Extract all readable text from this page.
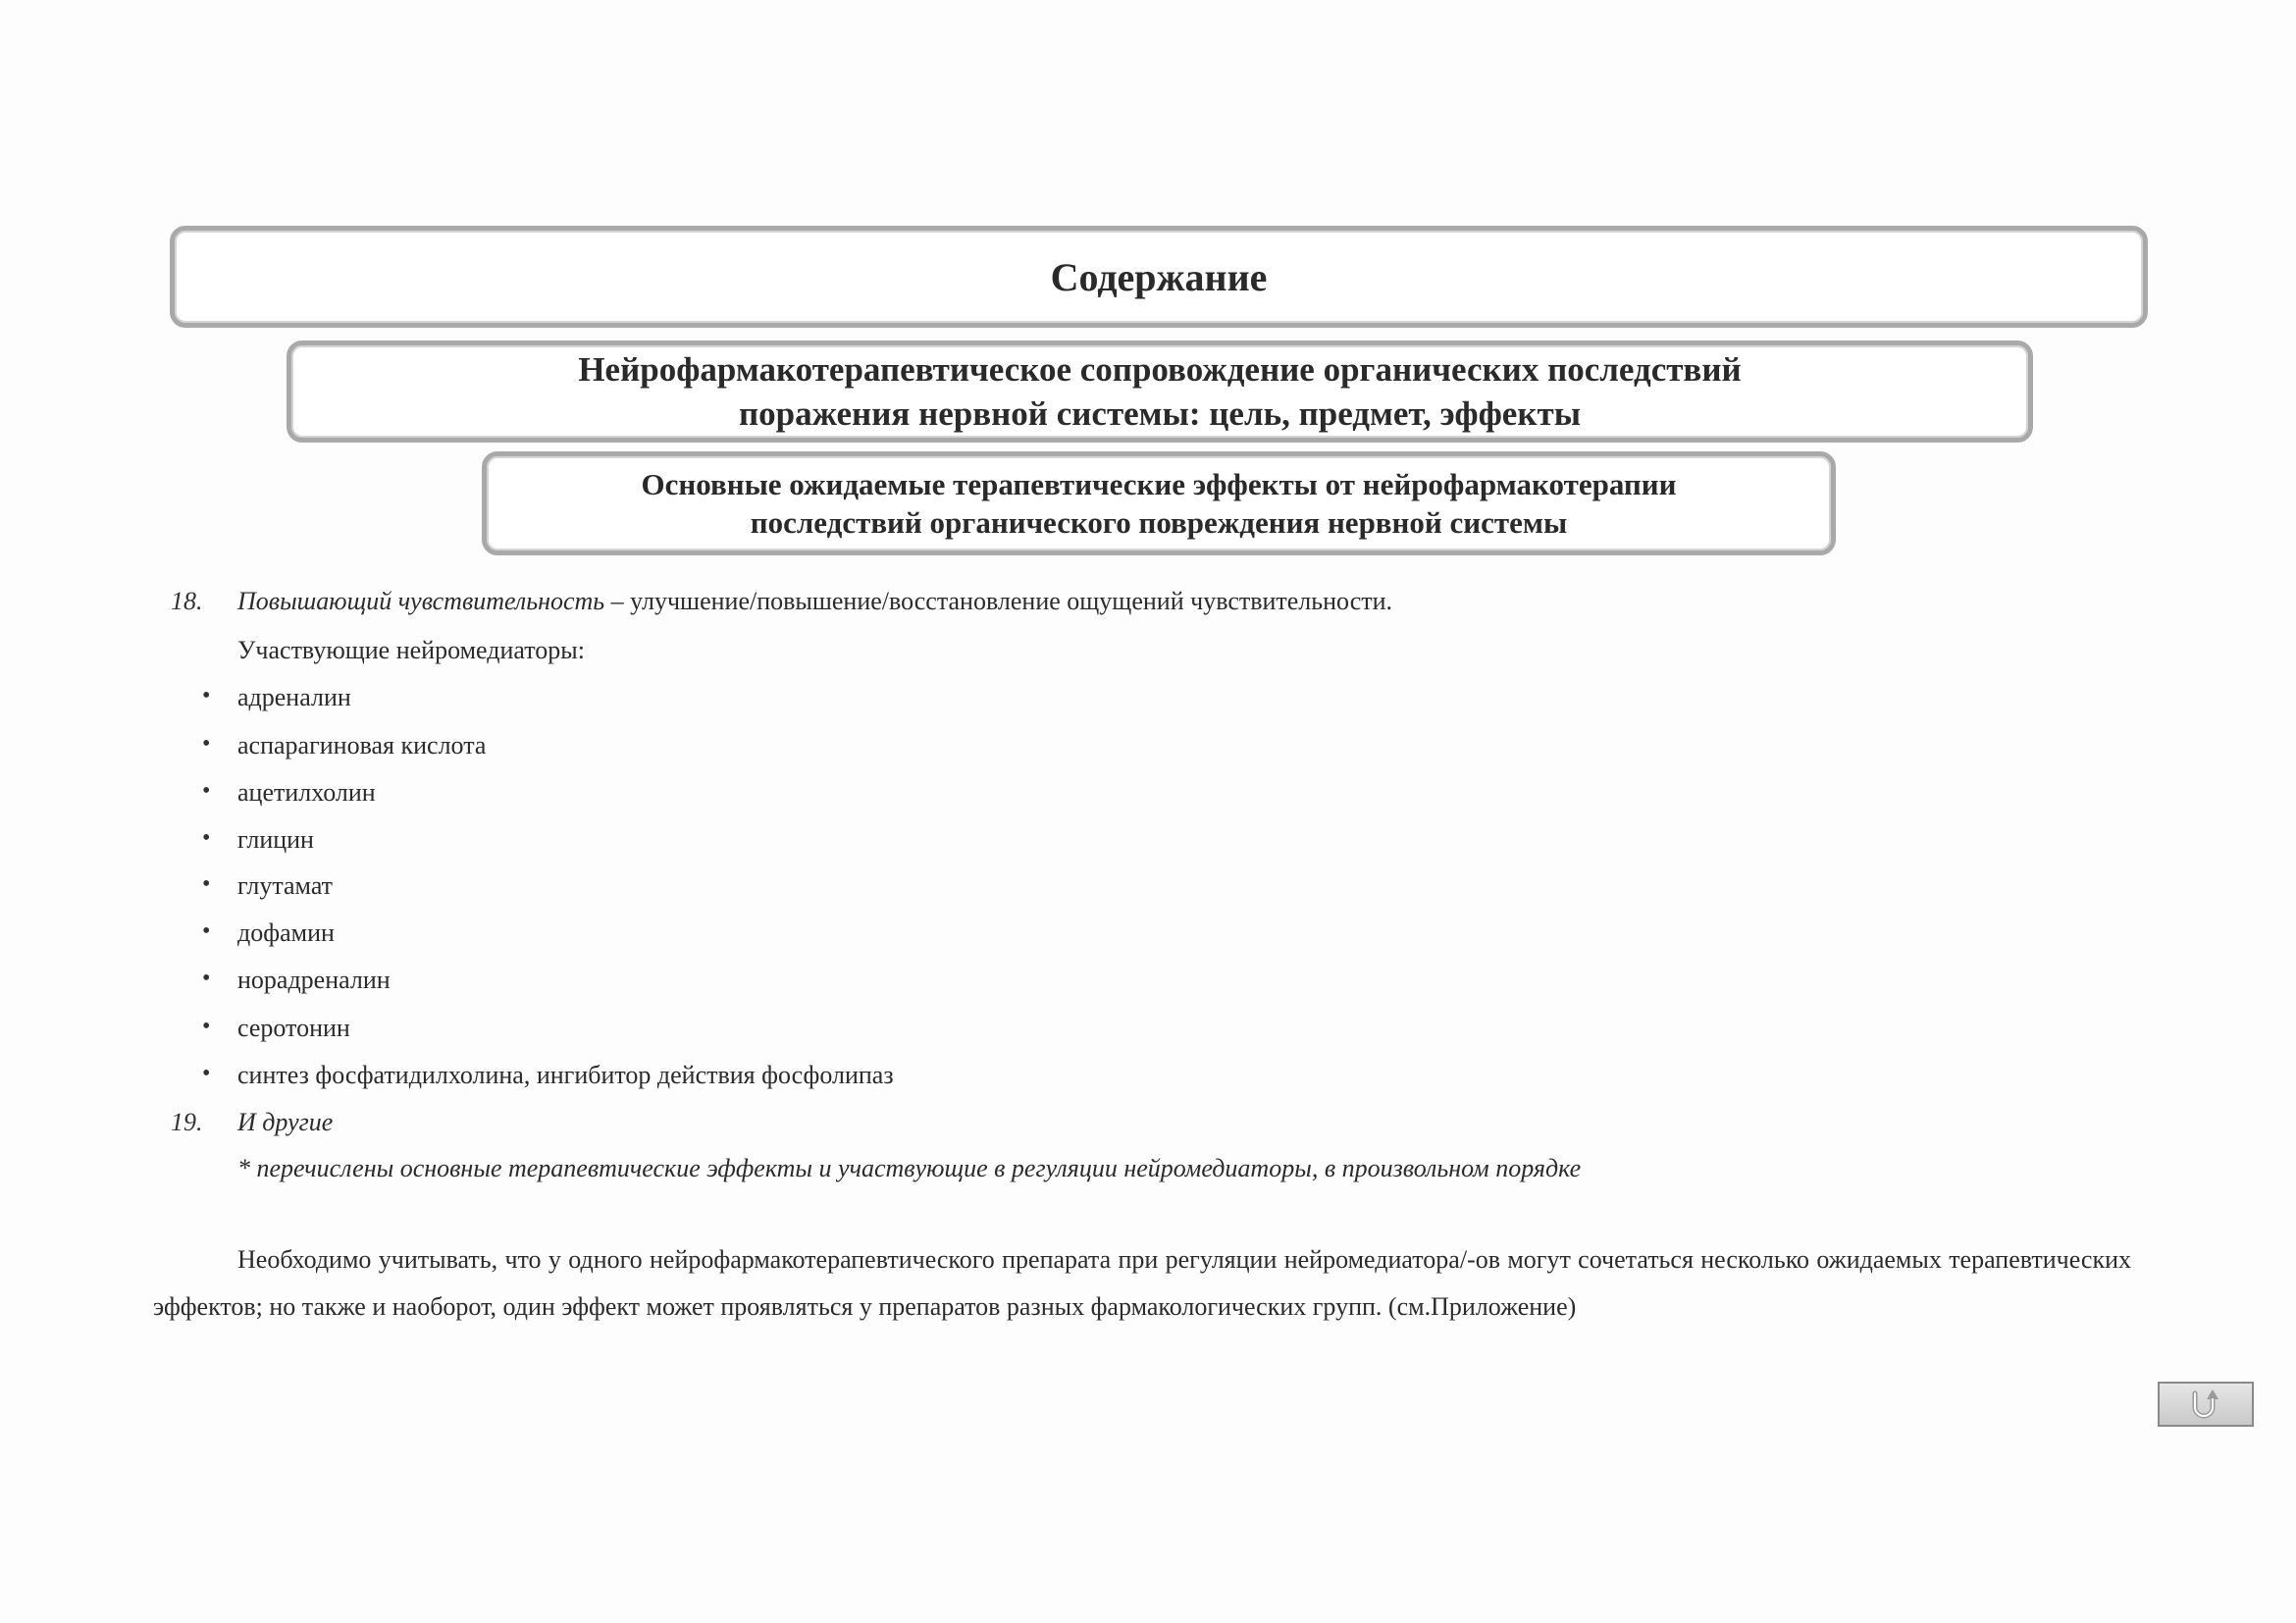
Содержание
Нейрофармакотерапевтическое сопровождение органических последствий
поражения нервной системы: цель, предмет, эффекты
Основные ожидаемые терапевтические эффекты от нейрофармакотерапии
последствий органического повреждения нервной системы
18. Повышающий чувствительность – улучшение/повышение/восстановление ощущений чувствительности.
Участвующие нейромедиаторы:
• адреналин
• аспарагиновая кислота
• ацетилхолин
• глицин
• глутамат
• дофамин
• норадреналин
• серотонин
• синтез фосфатидилхолина, ингибитор действия фосфолипаз
19. И другие
* перечислены основные терапевтические эффекты и участвующие в регуляции нейромедиаторы, в произвольном порядке

Необходимо учитывать, что у одного нейрофармакотерапевтического препарата при регуляции нейромедиатора/-ов могут сочетаться несколько ожидаемых терапевтических эффектов; но также и наоборот, один эффект может проявляться у препаратов разных фармакологических групп. (см.Приложение)
